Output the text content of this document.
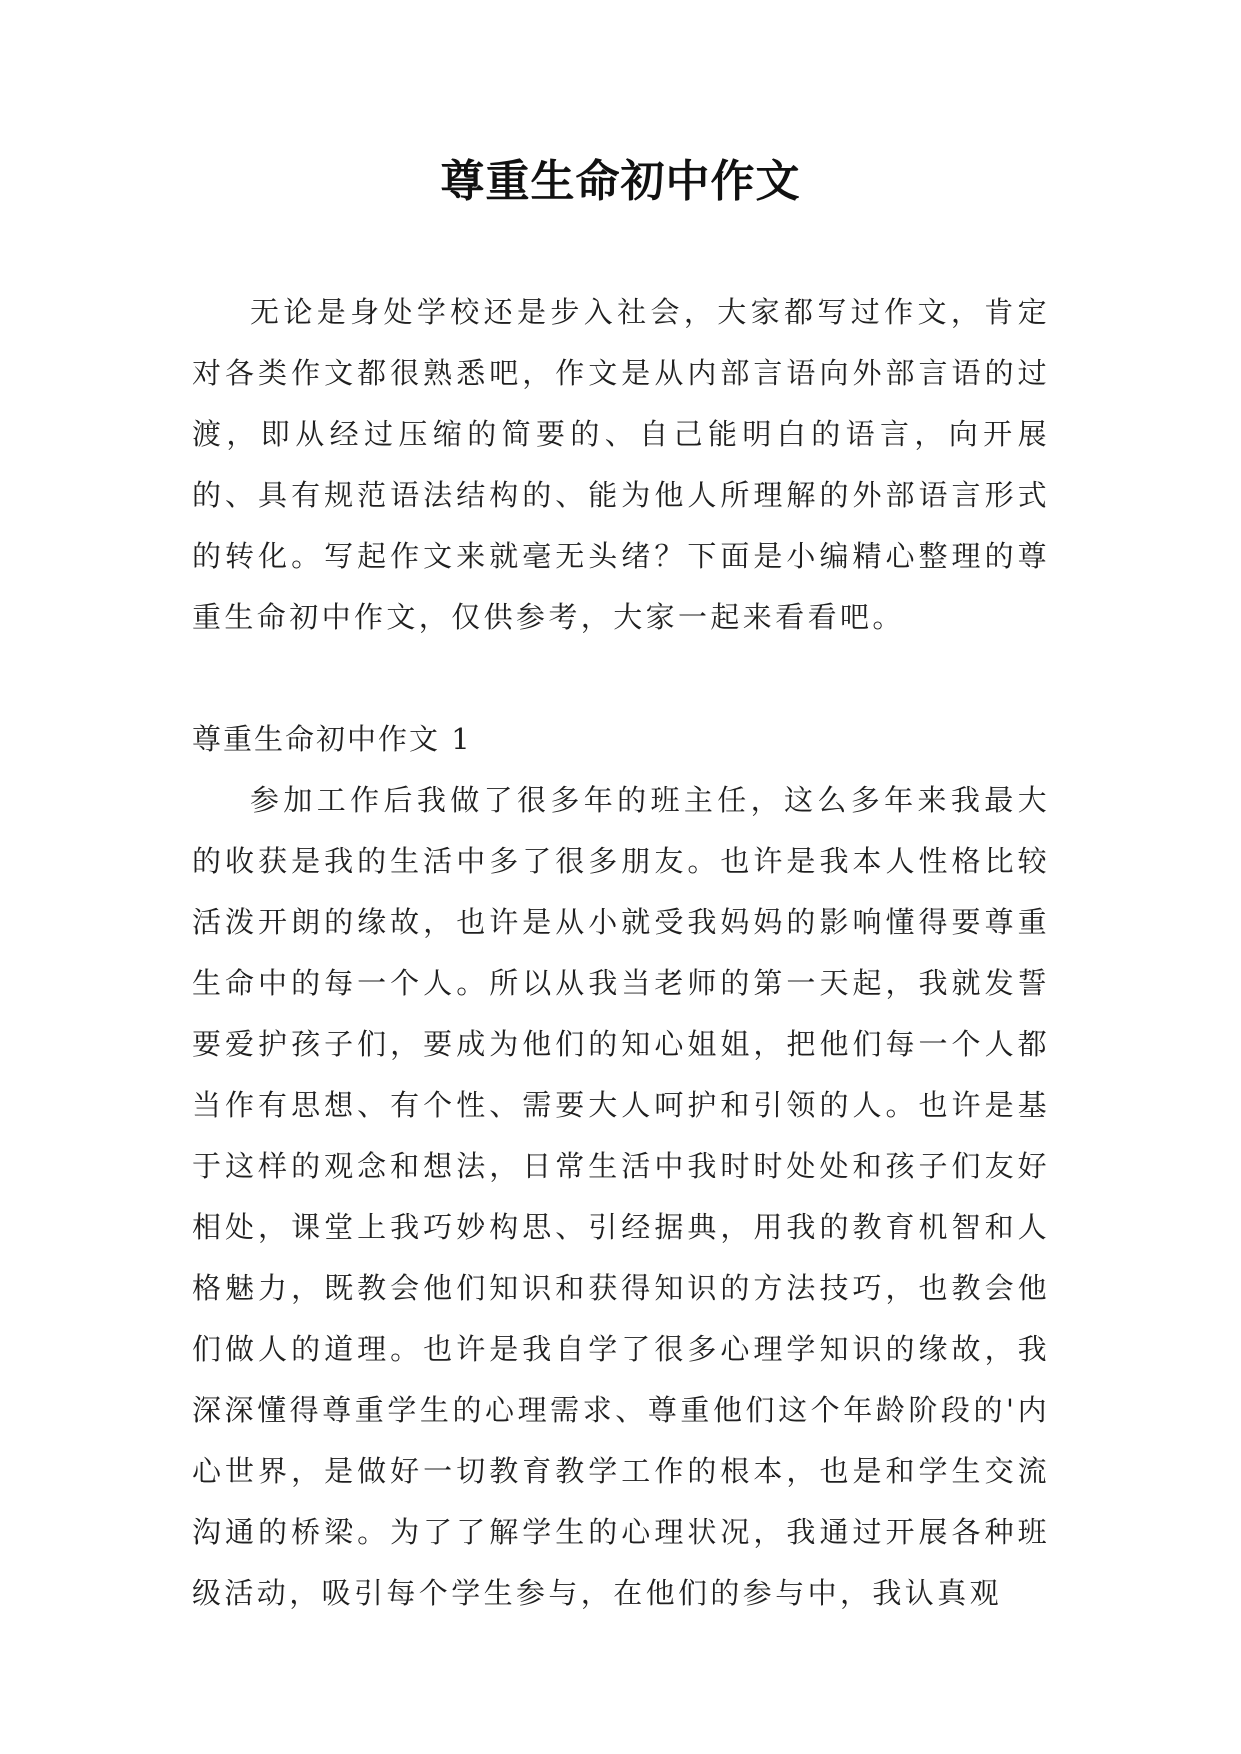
尊重生命初中作文

无论是身处学校还是步入社会，大家都写过作文，肯定对各类作文都很熟悉吧，作文是从内部言语向外部言语的过渡，即从经过压缩的简要的、自己能明白的语言，向开展的、具有规范语法结构的、能为他人所理解的外部语言形式的转化。写起作文来就毫无头绪？下面是小编精心整理的尊重生命初中作文，仅供参考，大家一起来看看吧。

尊重生命初中作文 1

参加工作后我做了很多年的班主任，这么多年来我最大的收获是我的生活中多了很多朋友。也许是我本人性格比较活泼开朗的缘故，也许是从小就受我妈妈的影响懂得要尊重生命中的每一个人。所以从我当老师的第一天起，我就发誓要爱护孩子们，要成为他们的知心姐姐，把他们每一个人都当作有思想、有个性、需要大人呵护和引领的人。也许是基于这样的观念和想法，日常生活中我时时处处和孩子们友好相处，课堂上我巧妙构思、引经据典，用我的教育机智和人格魅力，既教会他们知识和获得知识的方法技巧，也教会他们做人的道理。也许是我自学了很多心理学知识的缘故，我深深懂得尊重学生的心理需求、尊重他们这个年龄阶段的'内心世界，是做好一切教育教学工作的根本，也是和学生交流沟通的桥梁。为了了解学生的心理状况，我通过开展各种班级活动，吸引每个学生参与，在他们的参与中，我认真观
